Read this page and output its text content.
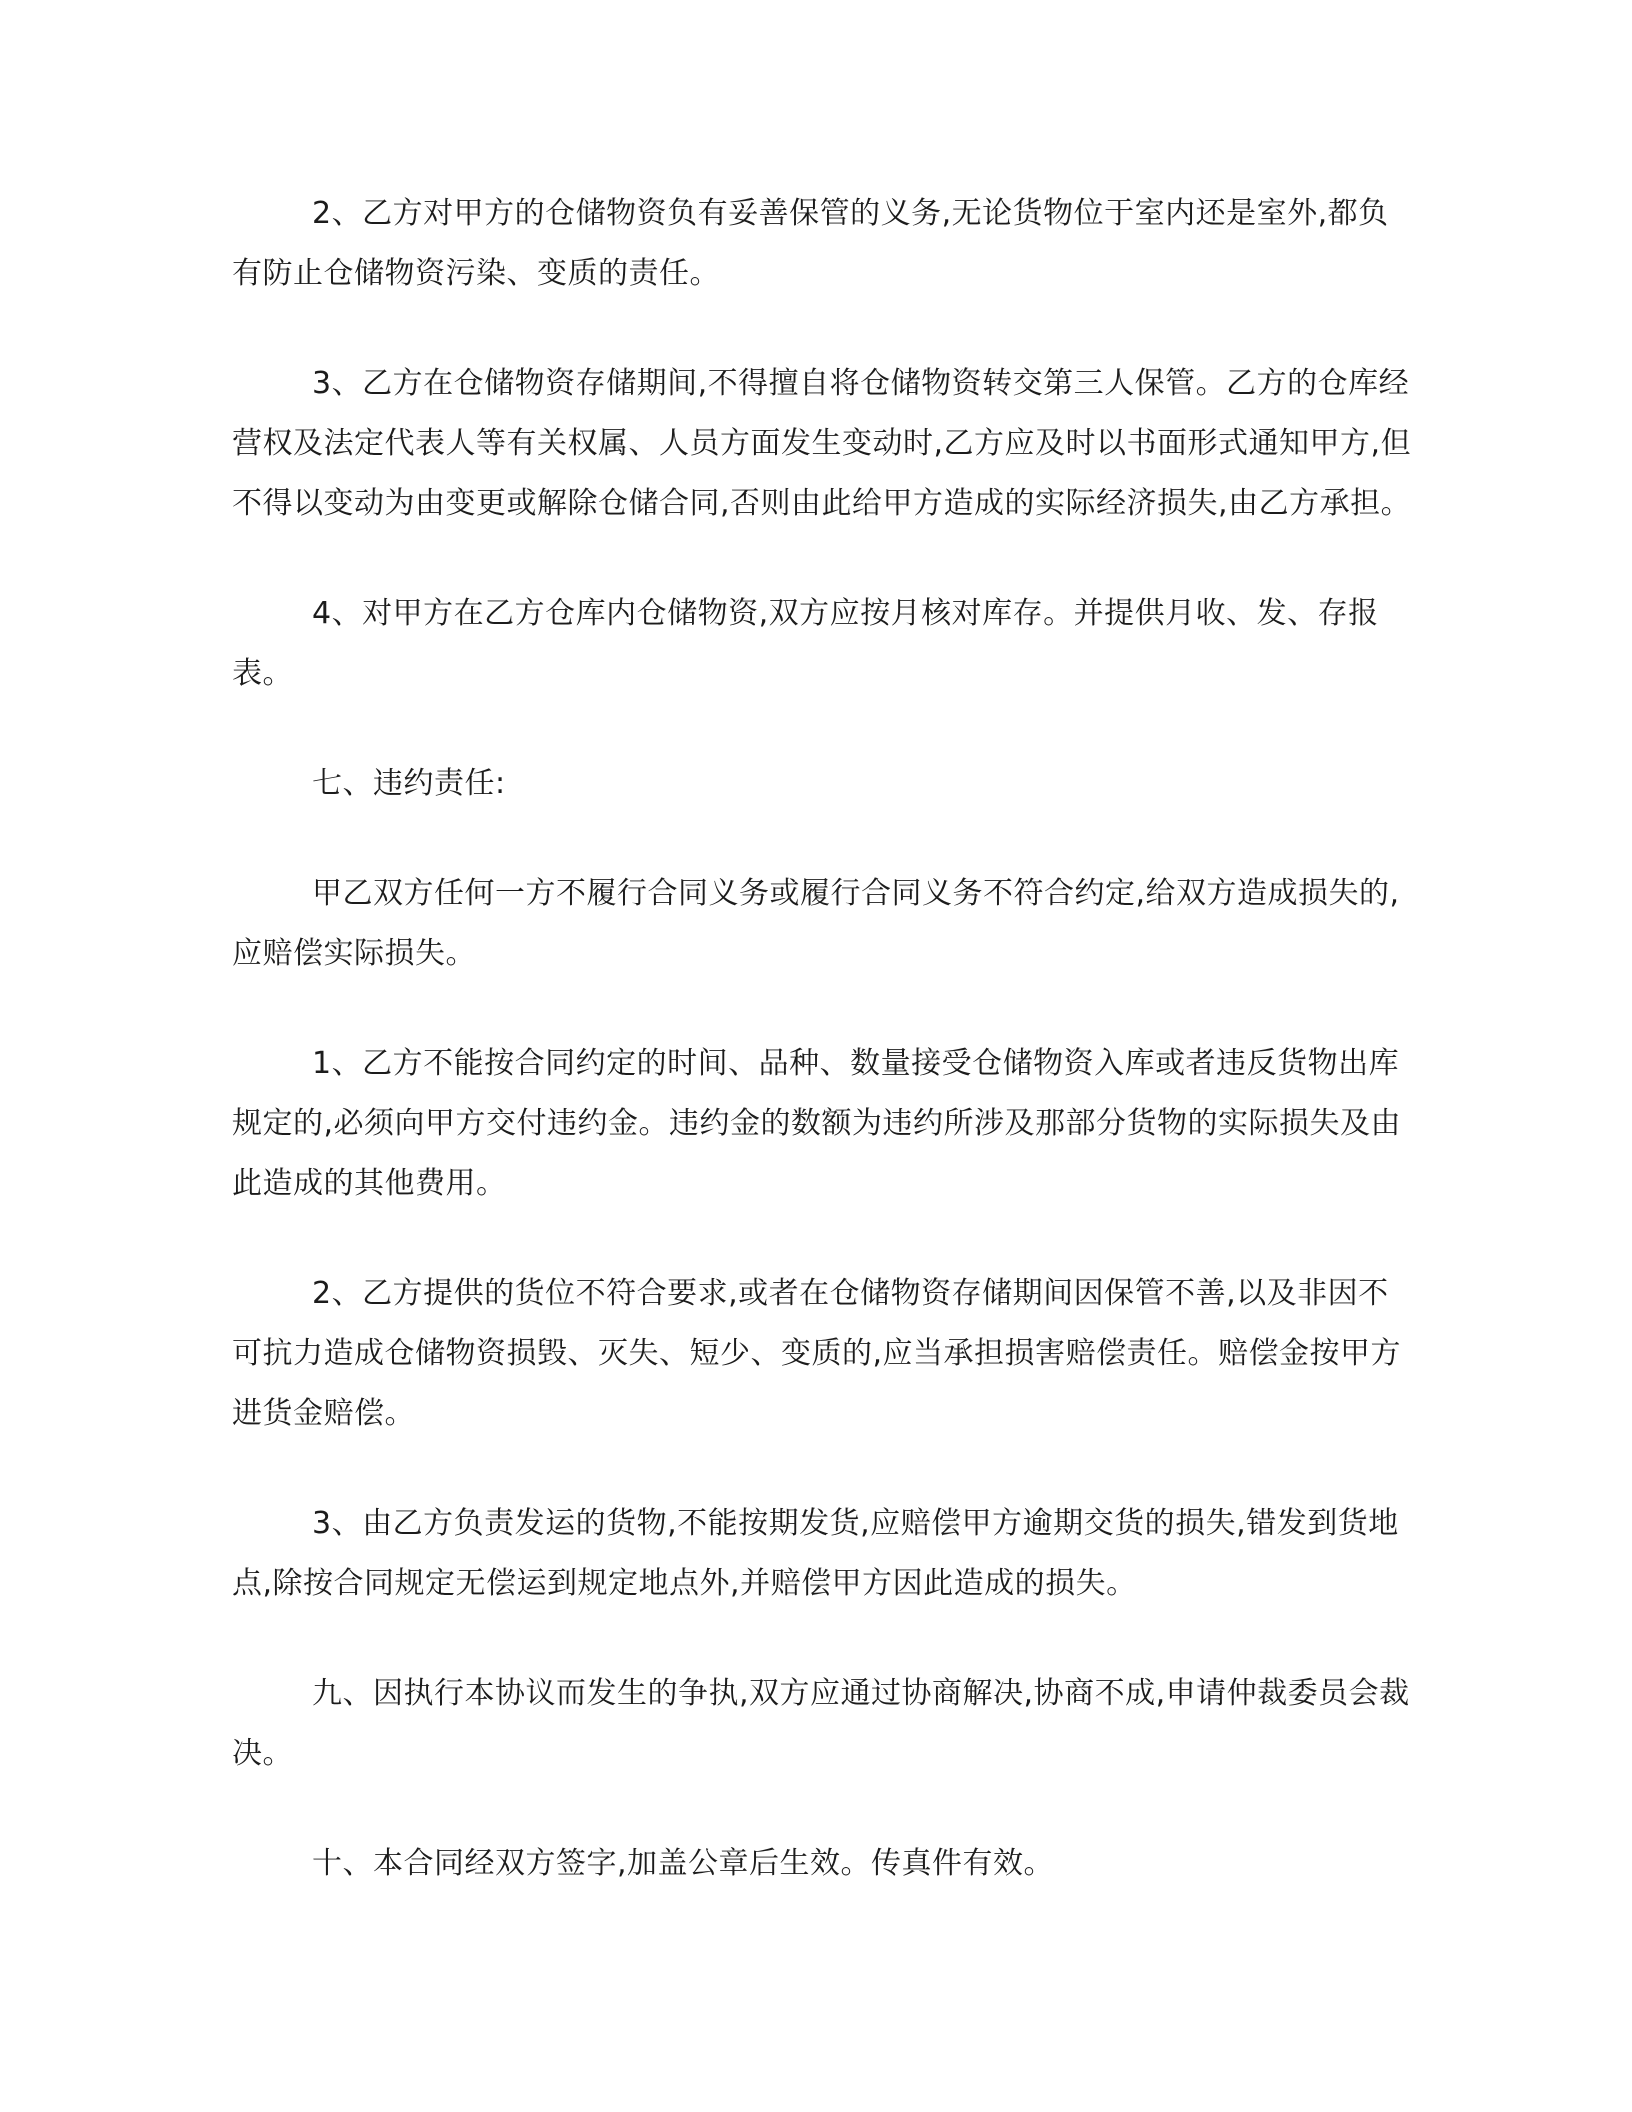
2、乙方对甲方的仓储物资负有妥善保管的义务,无论货物位于室内还是室外,都负有防止仓储物资污染、变质的责任。

3、乙方在仓储物资存储期间,不得擅自将仓储物资转交第三人保管。乙方的仓库经营权及法定代表人等有关权属、人员方面发生变动时,乙方应及时以书面形式通知甲方,但不得以变动为由变更或解除仓储合同,否则由此给甲方造成的实际经济损失,由乙方承担。

4、对甲方在乙方仓库内仓储物资,双方应按月核对库存。并提供月收、发、存报表。

七、违约责任:

甲乙双方任何一方不履行合同义务或履行合同义务不符合约定,给双方造成损失的,应赔偿实际损失。

1、乙方不能按合同约定的时间、品种、数量接受仓储物资入库或者违反货物出库规定的,必须向甲方交付违约金。违约金的数额为违约所涉及那部分货物的实际损失及由此造成的其他费用。

2、乙方提供的货位不符合要求,或者在仓储物资存储期间因保管不善,以及非因不可抗力造成仓储物资损毁、灭失、短少、变质的,应当承担损害赔偿责任。赔偿金按甲方进货金赔偿。

3、由乙方负责发运的货物,不能按期发货,应赔偿甲方逾期交货的损失,错发到货地点,除按合同规定无偿运到规定地点外,并赔偿甲方因此造成的损失。

九、因执行本协议而发生的争执,双方应通过协商解决,协商不成,申请仲裁委员会裁决。

十、本合同经双方签字,加盖公章后生效。传真件有效。
